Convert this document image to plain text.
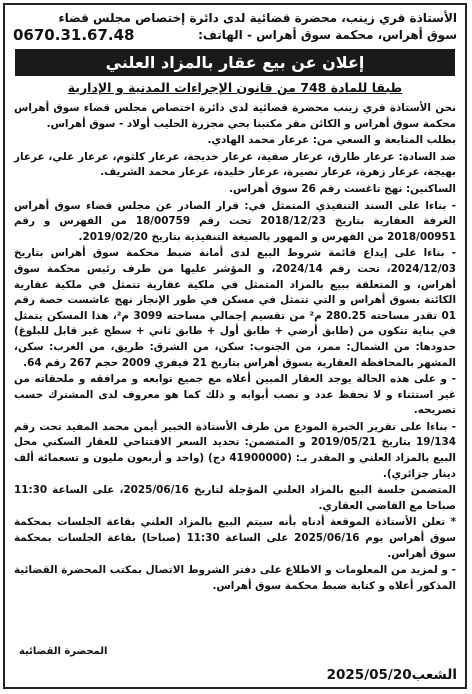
الأستاذة قري زينب، محضرة قضائية لدى دائرة إختصاص مجلس قضاء
سوق أهراس، محكمة سوق أهراس - الهاتف:
0670.31.67.48
إعلان عن بيع عقار بالمزاد العلني
طبقا للمادة 748 من قانون الإجراءات المدنية و الإدارية

نحن الأستاذة قري زينب محضرة قضائية لدى دائرة اختصاص مجلس قضاء سوق أهراس محكمة سوق أهراس و الكائن مقر مكتبنا بحي مجزرة الحليب أولاد - سوق أهراس.

بطلب المتابعة و السعي من: عرعار محمد الهادي.

ضد السادة: عرعار طارق، عرعار صفية، عرعار خديجة، عرعار كلثوم، عرعار علي، عرعار بهيجة، عرعار زهرة، عرعار نصيرة، عرعار خليدة، عرعار محمد الشريف.

الساكنين: نهج تاغست رقم 26 سوق أهراس.

- بناءا على السند التنفيذي المتمثل في: قرار الصادر عن مجلس قضاء سوق أهراس الغرفة العقارية بتاريخ 2018/12/23 تحت رقم 18/00759 من الفهرس و رقم 2018/00951 من الفهرس و المهور بالصيغة التنفيذية بتاريخ 2019/02/20.

- بناءا على إيداع قائمة شروط البيع لدى أمانة ضبط محكمة سوق أهراس بتاريخ 2024/12/03، تحت رقم 2024/14، و المؤشر عليها من طرف رئيس محكمة سوق أهراس، و المتعلقة ببيع بالمزاد المتمثل في ملكية عقارية تتمثل في ملكية عقارية الكائنة بسوق أهراس و التي تتمثل في مسكن في طور الإنجاز نهج عاشست حصة رقم 01 تقدر مساحته 280.25 م² من تقسيم إجمالي مساحته 3099 م²، هذا المسكن يتمثل في بناية تتكون من (طابق أرضي + طابق أول + طابق ثاني + سطح غير قابل للبلوغ) حدودها: من الشمال: ممر، من الجنوب: سكن، من الشرق: طريق، من الغرب: سكن، المشهر بالمحافظة العقارية بسوق أهراس بتاريخ 21 فيفري 2009 حجم 267 رقم 64.

- و على هذه الحالة يوجد العقار المبين أعلاه مع جميع توابعه و مرافقه و ملحقاته من غير استثناء و لا تحفظ عدد و نصب أبوابه و ذلك كما هو معروف لدى المشترك حسب تصريحه.

- بناءا على تقرير الخبرة المودع من طرف الأستاذة الخبير أيمن محمد المفيد تحت رقم 19/134 بتاريخ 2019/05/21 و المتضمن: تحديد السعر الافتتاحي للعقار السكني محل البيع بالمزاد العلني و المقدر بـ: (41900000 دج) (واحد و أربعون مليون و تسعمائة ألف دينار جزائري).

المتضمن جلسة البيع بالمزاد العلني المؤجلة لتاريخ 2025/06/16، على الساعة 11:30 صباحا مع القاضي العقاري.

* تعلن الأستاذة الموقعة أدناه بأنه سيتم البيع بالمزاد العلني بقاعة الجلسات بمحكمة سوق أهراس يوم 2025/06/16 على الساعة 11:30 (صباحا) بقاعة الجلسات بمحكمة سوق أهراس.

- و لمزيد من المعلومات و الاطلاع على دفتر الشروط الاتصال بمكتب المحضرة القضائية المذكور أعلاه و كتابة ضبط محكمة سوق أهراس.

المحضرة القضائية
الشعب
2025/05/20
